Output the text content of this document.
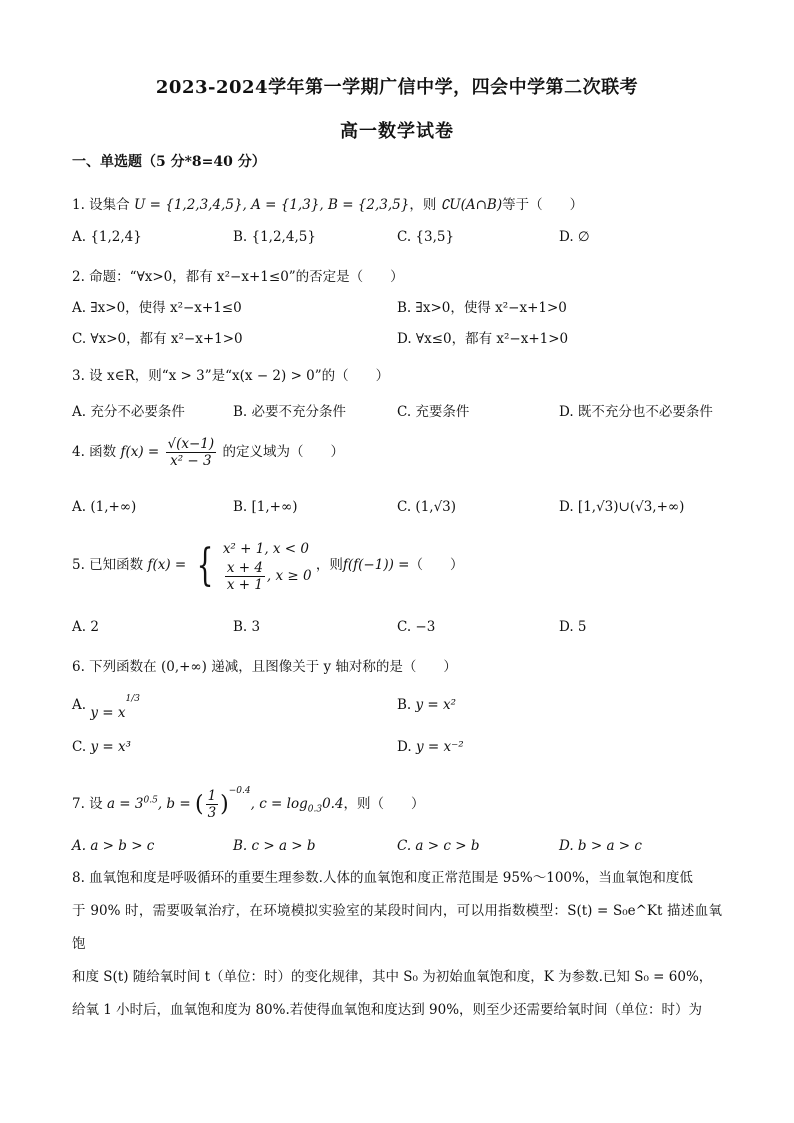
2023-2024学年第一学期广信中学，四会中学第二次联考
高一数学试卷
一、单选题（5 分*8=40 分）
1. 设集合 U = {1,2,3,4,5}, A = {1,3}, B = {2,3,5}，则 ∁U(A∩B)等于（　　）
A. {1,2,4}	B. {1,2,4,5}	C. {3,5}	D. ∅
2. 命题：“∀x>0，都有 x²−x+1≤0”的否定是（　　）
A. ∃x>0，使得 x²−x+1≤0	B. ∃x>0，使得 x²−x+1>0
C. ∀x>0，都有 x²−x+1>0	D. ∀x≤0，都有 x²−x+1>0
3. 设 x∈R，则“x > 3”是“x(x − 2) > 0”的（　　）
A. 充分不必要条件	B. 必要不充分条件	C. 充要条件	D. 既不充分也不必要条件
4. 函数 $f(x) = \frac{√(x-1)}{\text{x² − 3}}$ 的定义域为（　　）
A. (1,+∞)	B. [1,+∞)	C. (1,√3)	D. [1,√3)∪(√3,+∞)
5. 已知函数 f(x) = { x² + 1, x < 0
$\frac{x + 4}{x + 1}$ , x ≥ 0
，则f(f(−1)) =（　　）
A. 2	B. 3	C. −3	D. 5
6. 下列函数在 (0,+∞) 递减，且图像关于 y 轴对称的是（　　）
A. $y = x^{1/3}$	B. y = x²
C. y = x³	D. y = x⁻²
7. 设 $a = 3^{0.5}$, b = ( $\frac{1}{3} )^{-0.4}$, $c = \log_{0.3}0.4$，则（　　）
A. a > b > c	B. c > a > b	C. a > c > b	D. b > a > c
8. 血氧饱和度是呼吸循环的重要生理参数.人体的血氧饱和度正常范围是 95%～100%，当血氧饱和度低
于 90% 时，需要吸氧治疗，在环境模拟实验室的某段时间内，可以用指数模型：S(t) = S₀e^Kt 描述血氧饱
和度 S(t) 随给氧时间 t（单位：时）的变化规律，其中 S₀ 为初始血氧饱和度，K 为参数.已知 S₀ = 60%，
给氧 1 小时后，血氧饱和度为 80%.若使得血氧饱和度达到 90%，则至少还需要给氧时间（单位：时）为
